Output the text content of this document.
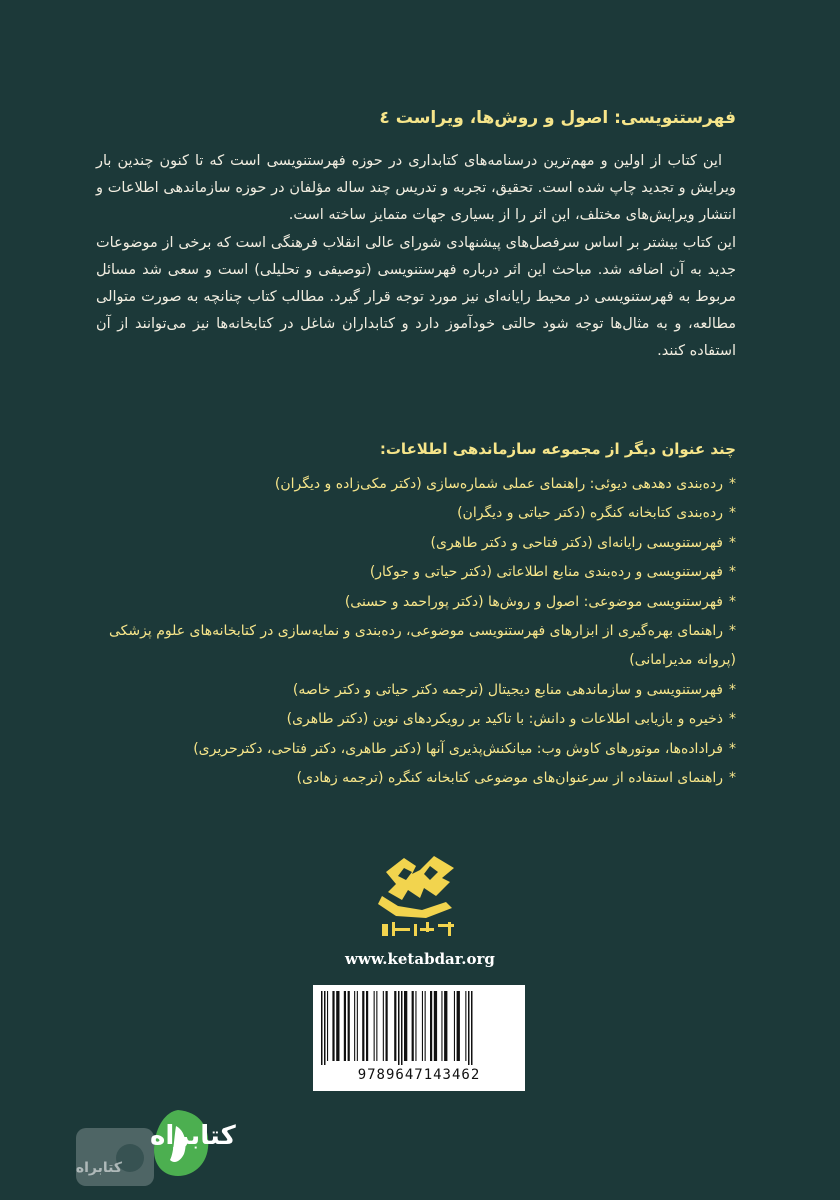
فهرستنویسی: اصول و روش‌ها، ویراست ٤

این کتاب از اولین و مهم‌ترین درسنامه‌های کتابداری در حوزه فهرستنویسی است که تا کنون چندین بار ویرایش و تجدید چاپ شده است. تحقیق، تجربه و تدریس چند ساله مؤلفان در حوزه سازماندهی اطلاعات و انتشار ویرایش‌های مختلف، این اثر را از بسیاری جهات متمایز ساخته است.

این کتاب بیشتر بر اساس سرفصل‌های پیشنهادی شورای عالی انقلاب فرهنگی است که برخی از موضوعات جدید به آن اضافه شد. مباحث این اثر درباره فهرستنویسی (توصیفی و تحلیلی) است و سعی شد مسائل مربوط به فهرستنویسی در محیط رایانه‌ای نیز مورد توجه قرار گیرد. مطالب کتاب چنانچه به صورت متوالی مطالعه، و به مثال‌ها توجه شود حالتی خودآموز دارد و کتابداران شاغل در کتابخانه‌ها نیز می‌توانند از آن استفاده کنند.

چند عنوان دیگر از مجموعه سازماندهی اطلاعات:
*رده‌بندی دهدهی دیوئی: راهنمای عملی شماره‌سازی (دکتر مکی‌زاده و دیگران)
*رده‌بندی کتابخانه کنگره (دکتر حیاتی و دیگران)
*فهرستنویسی رایانه‌ای (دکتر فتاحی و دکتر طاهری)
*فهرستنویسی و رده‌بندی منابع اطلاعاتی (دکتر حیاتی و جوکار)
*فهرستنویسی موضوعی: اصول و روش‌ها (دکتر پوراحمد و حسنی)
*راهنمای بهره‌گیری از ابزارهای فهرستنویسی موضوعی، رده‌بندی و نمایه‌سازی در کتابخانه‌های علوم پزشکی (پروانه مدیرامانی)
*فهرستنویسی و سازماندهی منابع دیجیتال (ترجمه دکتر حیاتی و دکتر خاصه)
*ذخیره و بازیابی اطلاعات و دانش: با تاکید بر رویکردهای نوین (دکتر طاهری)
*فراداده‌ها، موتورهای کاوش وب: میانکنش‌پذیری آنها (دکتر طاهری، دکتر فتاحی، دکترحریری)
*راهنمای استفاده از سرعنوان‌های موضوعی کتابخانه کنگره (ترجمه زهادی)
www.ketabdar.org
9789647143462
کتابراه
کتابراه
